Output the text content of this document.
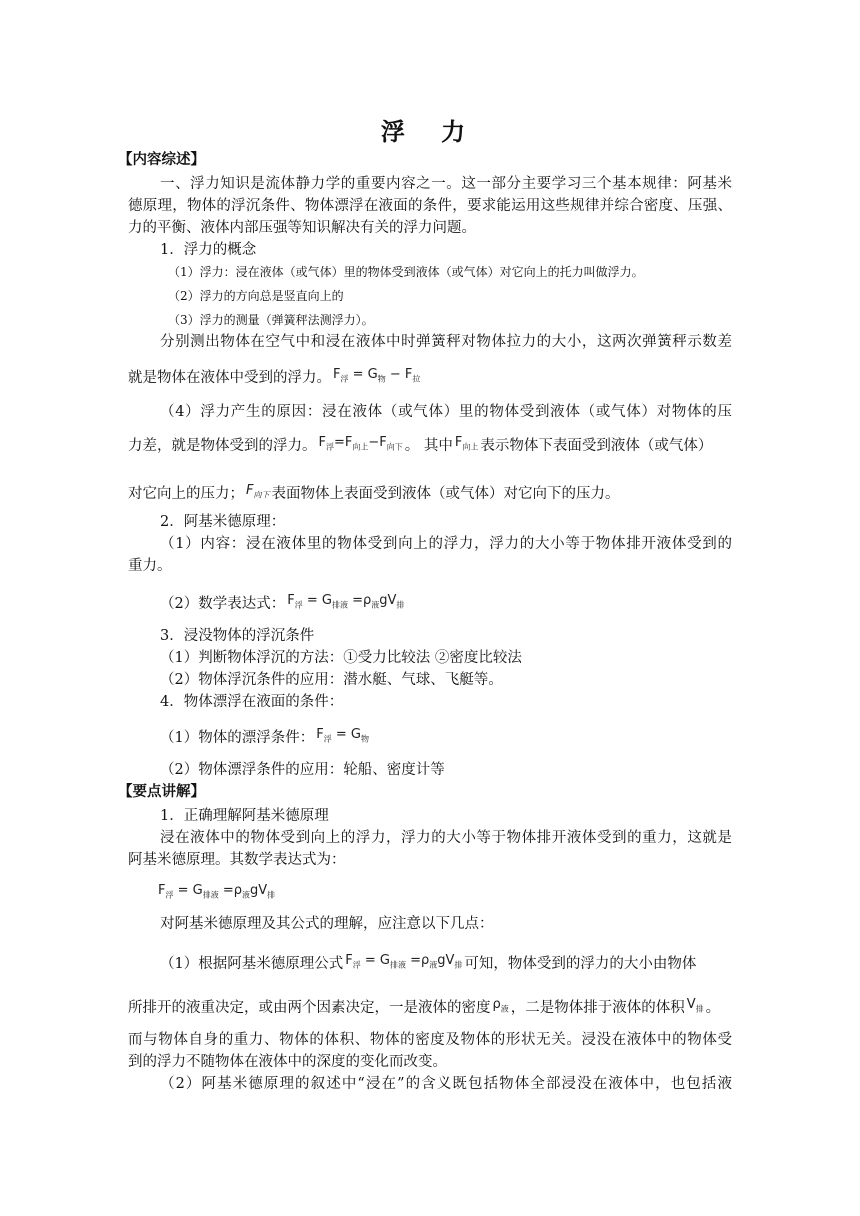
浮 力
【内容综述】
一、浮力知识是流体静力学的重要内容之一。这一部分主要学习三个基本规律：阿基米
德原理，物体的浮沉条件、物体漂浮在液面的条件，要求能运用这些规律并综合密度、压强、
力的平衡、液体内部压强等知识解决有关的浮力问题。
1．浮力的概念
（1）浮力：浸在液体（或气体）里的物体受到液体（或气体）对它向上的托力叫做浮力。
（2）浮力的方向总是竖直向上的
（3）浮力的测量（弹簧秤法测浮力）。
分别测出物体在空气中和浸在液体中时弹簧秤对物体拉力的大小，这两次弹簧秤示数差
就是物体在液体中受到的浮力。 $F_浮 = G_物 - F_拉$
（4）浮力产生的原因：浸在液体（或气体）里的物体受到液体（或气体）对物体的压
力差，就是物体受到的浮力。 $F_浮=F_{向上}-F_{向下}$ 。 其中 $F_{向上}$ 表示物体下表面受到液体（或气体）
对它向上的压力； $F_{向下}$ 表面物体上表面受到液体（或气体）对它向下的压力。
2．阿基米德原理：
（1）内容：浸在液体里的物体受到向上的浮力，浮力的大小等于物体排开液体受到的
重力。
（2）数学表达式： $F_浮 = G_{排液} =\rho_液gV_排$
3．浸没物体的浮沉条件
（1）判断物体浮沉的方法：①受力比较法 ②密度比较法
（2）物体浮沉条件的应用：潜水艇、气球、飞艇等。
4．物体漂浮在液面的条件：
（1）物体的漂浮条件： $F_浮 = G_物$
（2）物体漂浮条件的应用：轮船、密度计等
【要点讲解】
1．正确理解阿基米德原理
浸在液体中的物体受到向上的浮力，浮力的大小等于物体排开液体受到的重力，这就是
阿基米德原理。其数学表达式为：
$F_浮 = G_{排液} =\rho_液gV_排$
对阿基米德原理及其公式的理解，应注意以下几点：
（1）根据阿基米德原理公式 $F_浮 = G_{排液} =\rho_液gV_排$ 可知，物体受到的浮力的大小由物体
所排开的液重决定，或由两个因素决定，一是液体的密度 $\rho_液$ ，二是物体排于液体的体积 $V_排$ 。
而与物体自身的重力、物体的体积、物体的密度及物体的形状无关。浸没在液体中的物体受
到的浮力不随物体在液体中的深度的变化而改变。
（2）阿基米德原理的叙述中“浸在”的含义既包括物体全部浸没在液体中，也包括液
